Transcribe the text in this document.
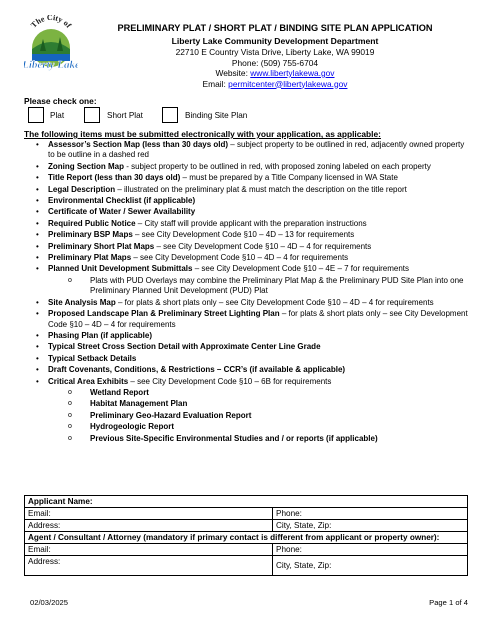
The City of
Liberty Lake
PRELIMINARY PLAT / SHORT PLAT / BINDING SITE PLAN APPLICATION
Liberty Lake Community Development Department
22710 E Country Vista Drive, Liberty Lake, WA 99019
Phone: (509) 755-6704
Website: www.libertylakewa.gov
Email: permitcenter@libertylakewa.gov
Please check one:
Plat	Short Plat	Binding Site Plan
The following items must be submitted electronically with your application, as applicable:
• Assessor’s Section Map (less than 30 days old) – subject property to be outlined in red, adjacently owned property to be outline in a dashed red
• Zoning Section Map - subject property to be outlined in red, with proposed zoning labeled on each property
• Title Report (less than 30 days old) – must be prepared by a Title Company licensed in WA State
• Legal Description – illustrated on the preliminary plat & must match the description on the title report
• Environmental Checklist (if applicable)
• Certificate of Water / Sewer Availability
• Required Public Notice – City staff will provide applicant with the preparation instructions
• Preliminary BSP Maps – see City Development Code §10 – 4D – 13 for requirements
• Preliminary Short Plat Maps – see City Development Code §10 – 4D – 4 for requirements
• Preliminary Plat Maps – see City Development Code §10 – 4D – 4 for requirements
• Planned Unit Development Submittals – see City Development Code §10 – 4E – 7 for requirements
o Plats with PUD Overlays may combine the Preliminary Plat Map & the Preliminary PUD Site Plan into one Preliminary Planned Unit Development (PUD) Plat
• Site Analysis Map – for plats & short plats only – see City Development Code §10 – 4D – 4 for requirements
• Proposed Landscape Plan & Preliminary Street Lighting Plan – for plats & short plats only – see City Development Code §10 – 4D – 4 for requirements
• Phasing Plan (if applicable)
• Typical Street Cross Section Detail with Approximate Center Line Grade
• Typical Setback Details
• Draft Covenants, Conditions, & Restrictions – CCR’s (if available & applicable)
• Critical Area Exhibits – see City Development Code §10 – 6B for requirements
o Wetland Report
o Habitat Management Plan
o Preliminary Geo-Hazard Evaluation Report
o Hydrogeologic Report
o Previous Site-Specific Environmental Studies and / or reports (if applicable)
Applicant Name:
Email:	Phone:
Address:	City, State, Zip:
Agent / Consultant / Attorney (mandatory if primary contact is different from applicant or property owner):
Email:	Phone:
Address:	City, State, Zip:
02/03/2025	Page 1 of 4
